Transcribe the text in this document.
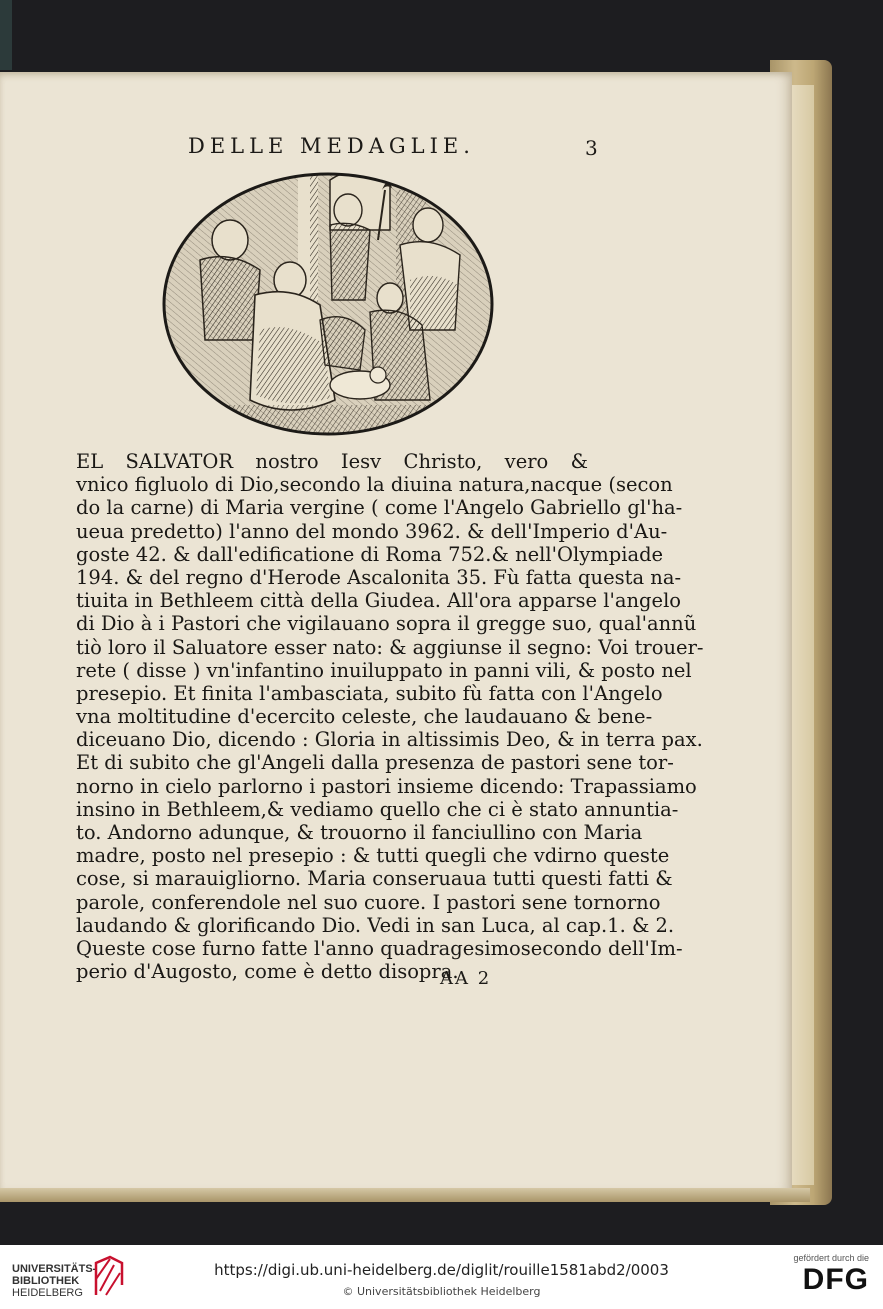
DELLE MEDAGLIE.	3
EL SALVATOR nostro Iesv Christo, vero &
vnico figluolo di Dio,secondo la diuina natura,nacque (secon
do la carne) di Maria vergine ( come l'Angelo Gabriello gl'ha-
ueua predetto) l'anno del mondo 3962. & dell'Imperio d'Au-
goste 42. & dall'edificatione di Roma 752.& nell'Olympiade
194. & del regno d'Herode Ascalonita 35. Fù fatta questa na-
tiuita in Bethleem città della Giudea. All'ora apparse l'angelo
di Dio à i Pastori che vigilauano sopra il gregge suo, qual'annũ
tiò loro il Saluatore esser nato: & aggiunse il segno: Voi trouer-
rete ( disse ) vn'infantino inuiluppato in panni vili, & posto nel
presepio. Et finita l'ambasciata, subito fù fatta con l'Angelo
vna moltitudine d'ecercito celeste, che laudauano & bene-
diceuano Dio, dicendo : Gloria in altissimis Deo, & in terra pax.
Et di subito che gl'Angeli dalla presenza de pastori sene tor-
norno in cielo parlorno i pastori insieme dicendo: Trapassiamo
insino in Bethleem,& vediamo quello che ci è stato annuntia-
to. Andorno adunque, & trouorno il fanciullino con Maria
madre, posto nel presepio : & tutti quegli che vdirno queste
cose, si marauigliorno. Maria conseruaua tutti questi fatti &
parole, conferendole nel suo cuore. I pastori sene tornorno
laudando & glorificando Dio. Vedi in san Luca, al cap.1. & 2.
Queste cose furno fatte l'anno quadragesimosecondo dell'Im-
perio d'Augosto, come è detto disopra.
AA 2
UNIVERSITÄTS-
BIBLIOTHEK
HEIDELBERG
https://digi.ub.uni-heidelberg.de/diglit/rouille1581abd2/0003
© Universitätsbibliothek Heidelberg
gefördert durch die
DFG
